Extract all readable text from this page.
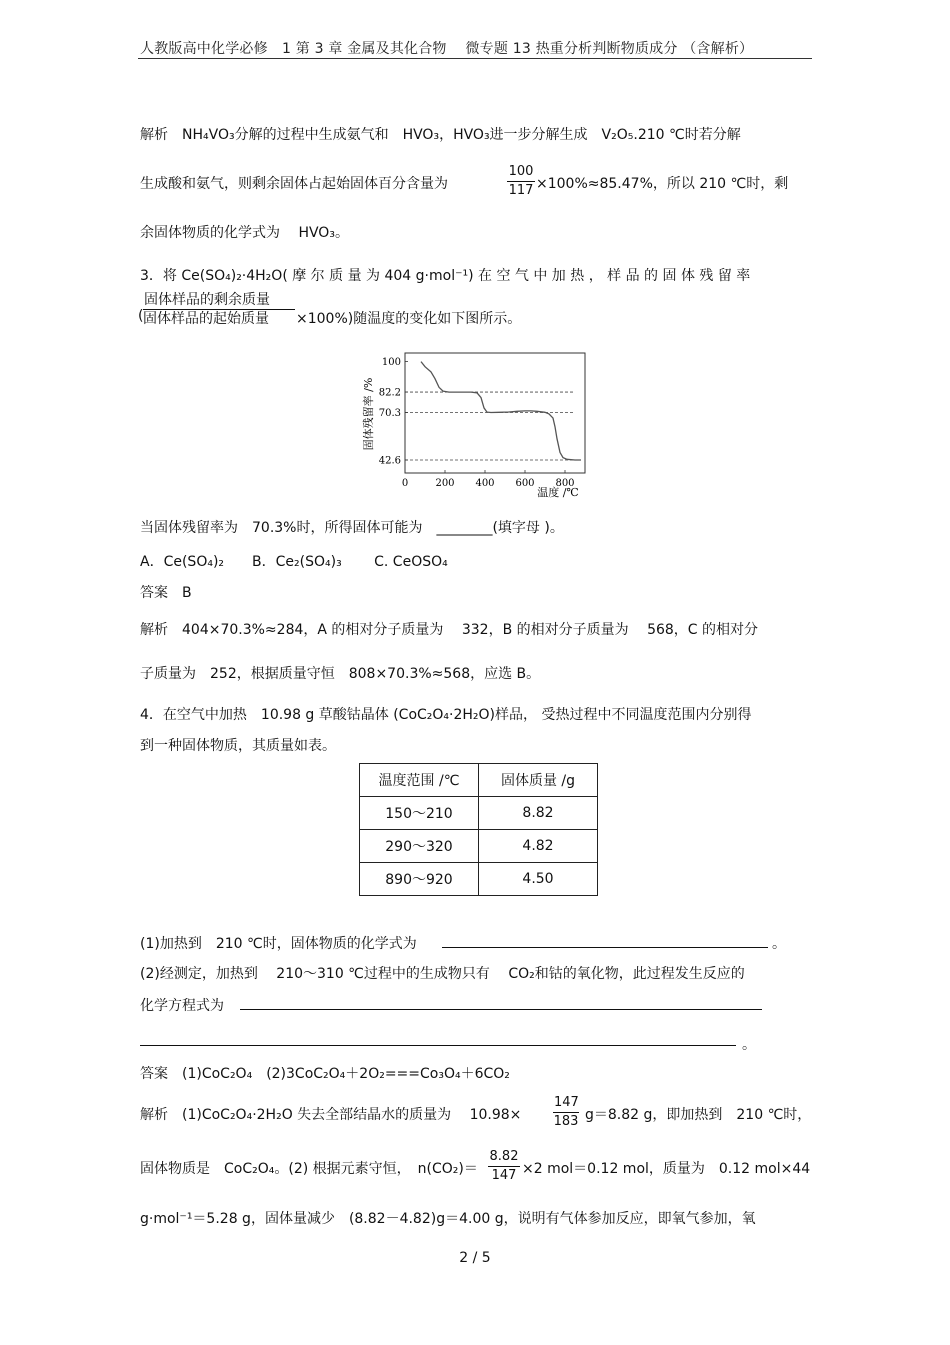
人教版高中化学必修　1 第 3 章 金属及其化合物　 微专题 13 热重分析判断物质成分 （含解析）
解析　NH₄VO₃分解的过程中生成氨气和　HVO₃，HVO₃进一步分解生成　V₂O₅.210 ℃时若分解
生成酸和氨气，则剩余固体占起始固体百分含量为	$\frac{100}{117} \times 100\%\approx 85.47\%$，所以 210 ℃时，剩
余固体物质的化学式为　 HVO₃。
3．将 Ce(SO₄)₂·4H₂O( 摩 尔 质 量 为 404 g·mol⁻¹) 在 空 气 中 加 热 ， 样 品 的 固 体 残 留 率
(
固体样品的剩余质量
固体样品的起始质量	×100%)随温度的变化如下图所示。
100
82.2
70.3
42.6
0	200 400 600 800
固体残留率 /%
温度 /℃
当固体残留率为　70.3%时，所得固体可能为　________(填字母 )。
A．Ce(SO₄)₂　　B．Ce₂(SO₄)₃　　 C. CeOSO₄
答案　B
解析　404×70.3%≈284，A 的相对分子质量为　 332，B 的相对分子质量为　 568，C 的相对分
子质量为　252，根据质量守恒　808×70.3%≈568，应选 B。
4．在空气中加热　10.98 g 草酸钴晶体 (CoC₂O₄·2H₂O)样品， 受热过程中不同温度范围内分别得
到一种固体物质，其质量如表。
温度范围 /℃	固体质量 /g
150～210	8.82
290～320	4.82
890～920	4.50
(1)加热到　210 ℃时，固体物质的化学式为	。
(2)经测定，加热到　 210～310 ℃过程中的生成物只有　 CO₂和钴的氧化物，此过程发生反应的
化学方程式为
。
答案　(1)CoC₂O₄　(2)3CoC₂O₄＋2O₂===Co₃O₄＋6CO₂
解析　(1)CoC₂O₄·2H₂O 失去全部结晶水的质量为　 $10.98\times \frac{147}{183} g=8.82$ g，即加热到　210 ℃时，
固体物质是　CoC₂O₄。(2) 根据元素守恒，　$n(CO_2)= \frac{8.82}{147} \times 2$ mol＝0.12 mol，质量为　0.12 mol×44
g·mol⁻¹＝5.28 g，固体量减少　(8.82－4.82)g＝4.00 g，说明有气体参加反应，即氧气参加，氧
2 / 5
